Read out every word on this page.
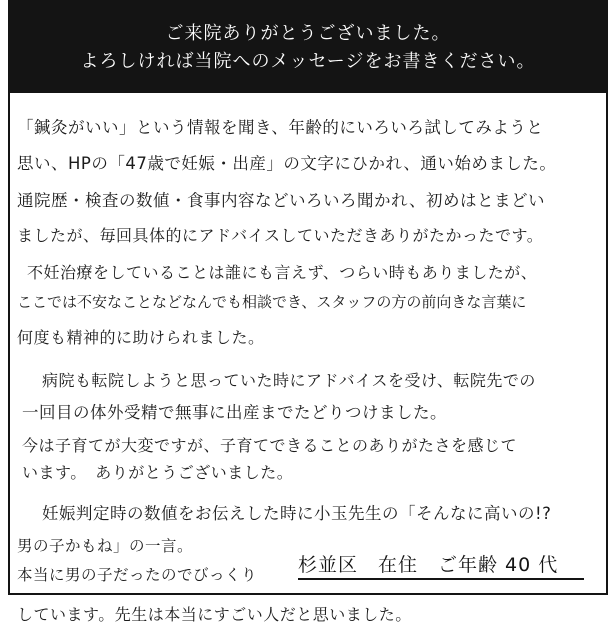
ご来院ありがとうございました。
よろしければ当院へのメッセージをお書きください。
「鍼灸がいい」という情報を聞き、年齢的にいろいろ試してみようと
思い、HPの「47歳で妊娠・出産」の文字にひかれ、通い始めました。
通院歴・検査の数値・食事内容などいろいろ聞かれ、初めはとまどい
ましたが、毎回具体的にアドバイスしていただきありがたかったです。
不妊治療をしていることは誰にも言えず、つらい時もありましたが、
ここでは不安なことなどなんでも相談でき、スタッフの方の前向きな言葉に
何度も精神的に助けられました。
病院も転院しようと思っていた時にアドバイスを受け、転院先での
一回目の体外受精で無事に出産までたどりつけました。
今は子育てが大変ですが、子育てできることのありがたさを感じて
います。　ありがとうございました。
妊娠判定時の数値をお伝えした時に小玉先生の「そんなに高いの!?
男の子かもね」の一言。
本当に男の子だったのでびっくり
しています。先生は本当にすごい人だと思いました。
杉並区　在住　ご年齢 40 代
